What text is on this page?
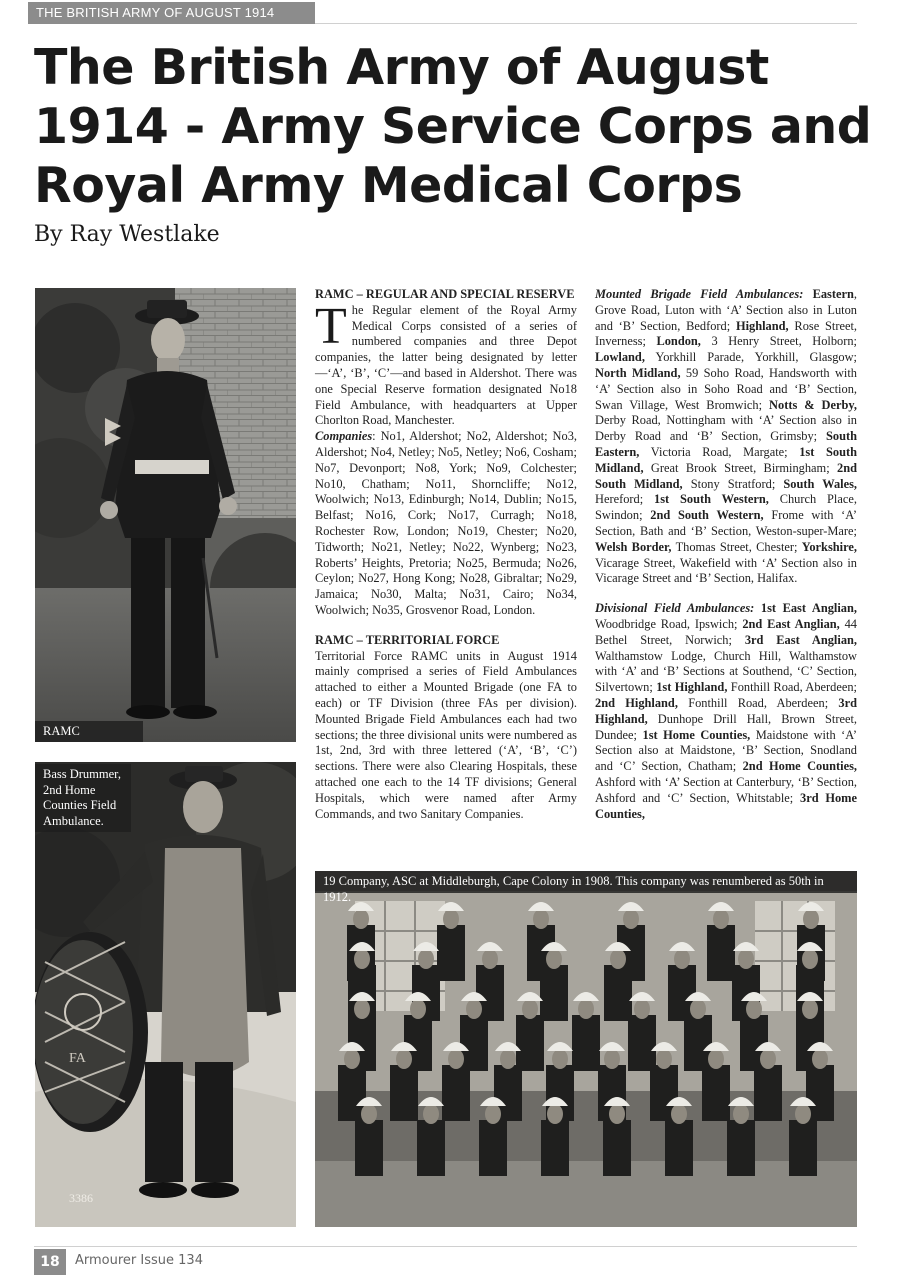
THE BRITISH ARMY OF AUGUST 1914
The British Army of August 1914 - Army Service Corps and Royal Army Medical Corps

By Ray Westlake

RAMC Territorial.
FA
3386
Bass Drummer, 2nd Home Counties Field Ambulance.
19 Company, ASC at Middleburgh, Cape Colony in 1908. This company was renumbered as 50th in 1912.
RAMC – REGULAR AND SPECIAL RESERVE

The Regular element of the Royal Army Medical Corps consisted of a series of numbered companies and three Depot companies, the latter being designated by letter—‘A’, ‘B’, ‘C’—and based in Aldershot. There was one Special Reserve formation designated No18 Field Ambulance, with headquarters at Upper Chorlton Road, Manchester.

Companies: No1, Aldershot; No2, Aldershot; No3, Aldershot; No4, Netley; No5, Netley; No6, Cosham; No7, Devonport; No8, York; No9, Colchester; No10, Chatham; No11, Shorncliffe; No12, Woolwich; No13, Edinburgh; No14, Dublin; No15, Belfast; No16, Cork; No17, Curragh; No18, Rochester Row, London; No19, Chester; No20, Tidworth; No21, Netley; No22, Wynberg; No23, Roberts’ Heights, Pretoria; No25, Bermuda; No26, Ceylon; No27, Hong Kong; No28, Gibraltar; No29, Jamaica; No30, Malta; No31, Cairo; No34, Woolwich; No35, Grosvenor Road, London.

RAMC – TERRITORIAL FORCE

Territorial Force RAMC units in August 1914 mainly comprised a series of Field Ambulances attached to either a Mounted Brigade (one FA to each) or TF Division (three FAs per division). Mounted Brigade Field Ambulances each had two sections; the three divisional units were numbered as 1st, 2nd, 3rd with three lettered (‘A’, ‘B’, ‘C’) sections. There were also Clearing Hospitals, these attached one each to the 14 TF divisions; General Hospitals, which were named after Army Commands, and two Sanitary Companies.

Mounted Brigade Field Ambulances: Eastern, Grove Road, Luton with ‘A’ Section also in Luton and ‘B’ Section, Bedford; Highland, Rose Street, Inverness; London, 3 Henry Street, Holborn; Lowland, Yorkhill Parade, Yorkhill, Glasgow; North Midland, 59 Soho Road, Handsworth with ‘A’ Section also in Soho Road and ‘B’ Section, Swan Village, West Bromwich; Notts & Derby, Derby Road, Nottingham with ‘A’ Section also in Derby Road and ‘B’ Section, Grimsby; South Eastern, Victoria Road, Margate; 1st South Midland, Great Brook Street, Birmingham; 2nd South Midland, Stony Stratford; South Wales, Hereford; 1st South Western, Church Place, Swindon; 2nd South Western, Frome with ‘A’ Section, Bath and ‘B’ Section, Weston-super-Mare; Welsh Border, Thomas Street, Chester; Yorkshire, Vicarage Street, Wakefield with ‘A’ Section also in Vicarage Street and ‘B’ Section, Halifax.

Divisional Field Ambulances: 1st East Anglian, Woodbridge Road, Ipswich; 2nd East Anglian, 44 Bethel Street, Norwich; 3rd East Anglian, Walthamstow Lodge, Church Hill, Walthamstow with ‘A’ and ‘B’ Sections at Southend, ‘C’ Section, Silvertown; 1st Highland, Fonthill Road, Aberdeen; 2nd Highland, Fonthill Road, Aberdeen; 3rd Highland, Dunhope Drill Hall, Brown Street, Dundee; 1st Home Counties, Maidstone with ‘A’ Section also at Maidstone, ‘B’ Section, Snodland and ‘C’ Section, Chatham; 2nd Home Counties, Ashford with ‘A’ Section at Canterbury, ‘B’ Section, Ashford and ‘C’ Section, Whitstable; 3rd Home Counties,

18	Armourer Issue 134
